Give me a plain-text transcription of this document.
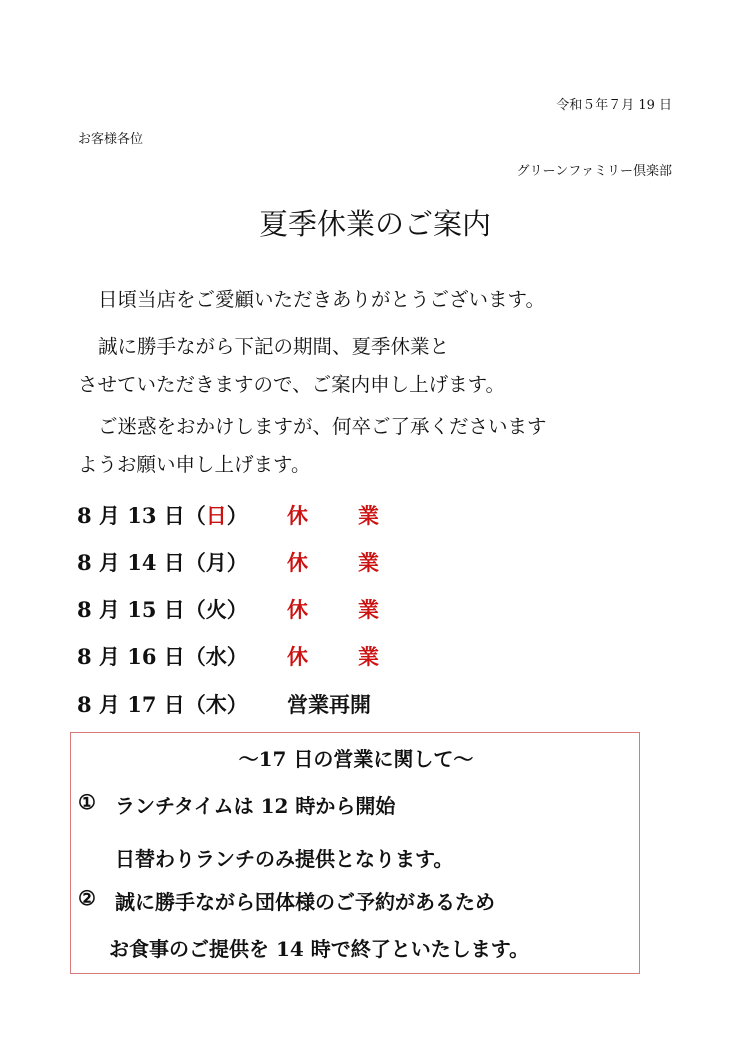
令和５年７月 19 日
お客様各位
グリーンファミリー倶楽部
夏季休業のご案内
日頃当店をご愛顧いただきありがとうございます。
誠に勝手ながら下記の期間、夏季休業と
させていただきますので、ご案内申し上げます。
ご迷惑をおかけしますが、何卒ご了承くださいます
ようお願い申し上げます。
8 月 13 日（日）	休業
8 月 14 日（月）	休業
8 月 15 日（火）	休業
8 月 16 日（水）	休業
8 月 17 日（木）	営業再開
～17 日の営業に関して～
① ランチタイムは 12 時から開始
日替わりランチのみ提供となります。
② 誠に勝手ながら団体様のご予約があるため
お食事のご提供を 14 時で終了といたします。
